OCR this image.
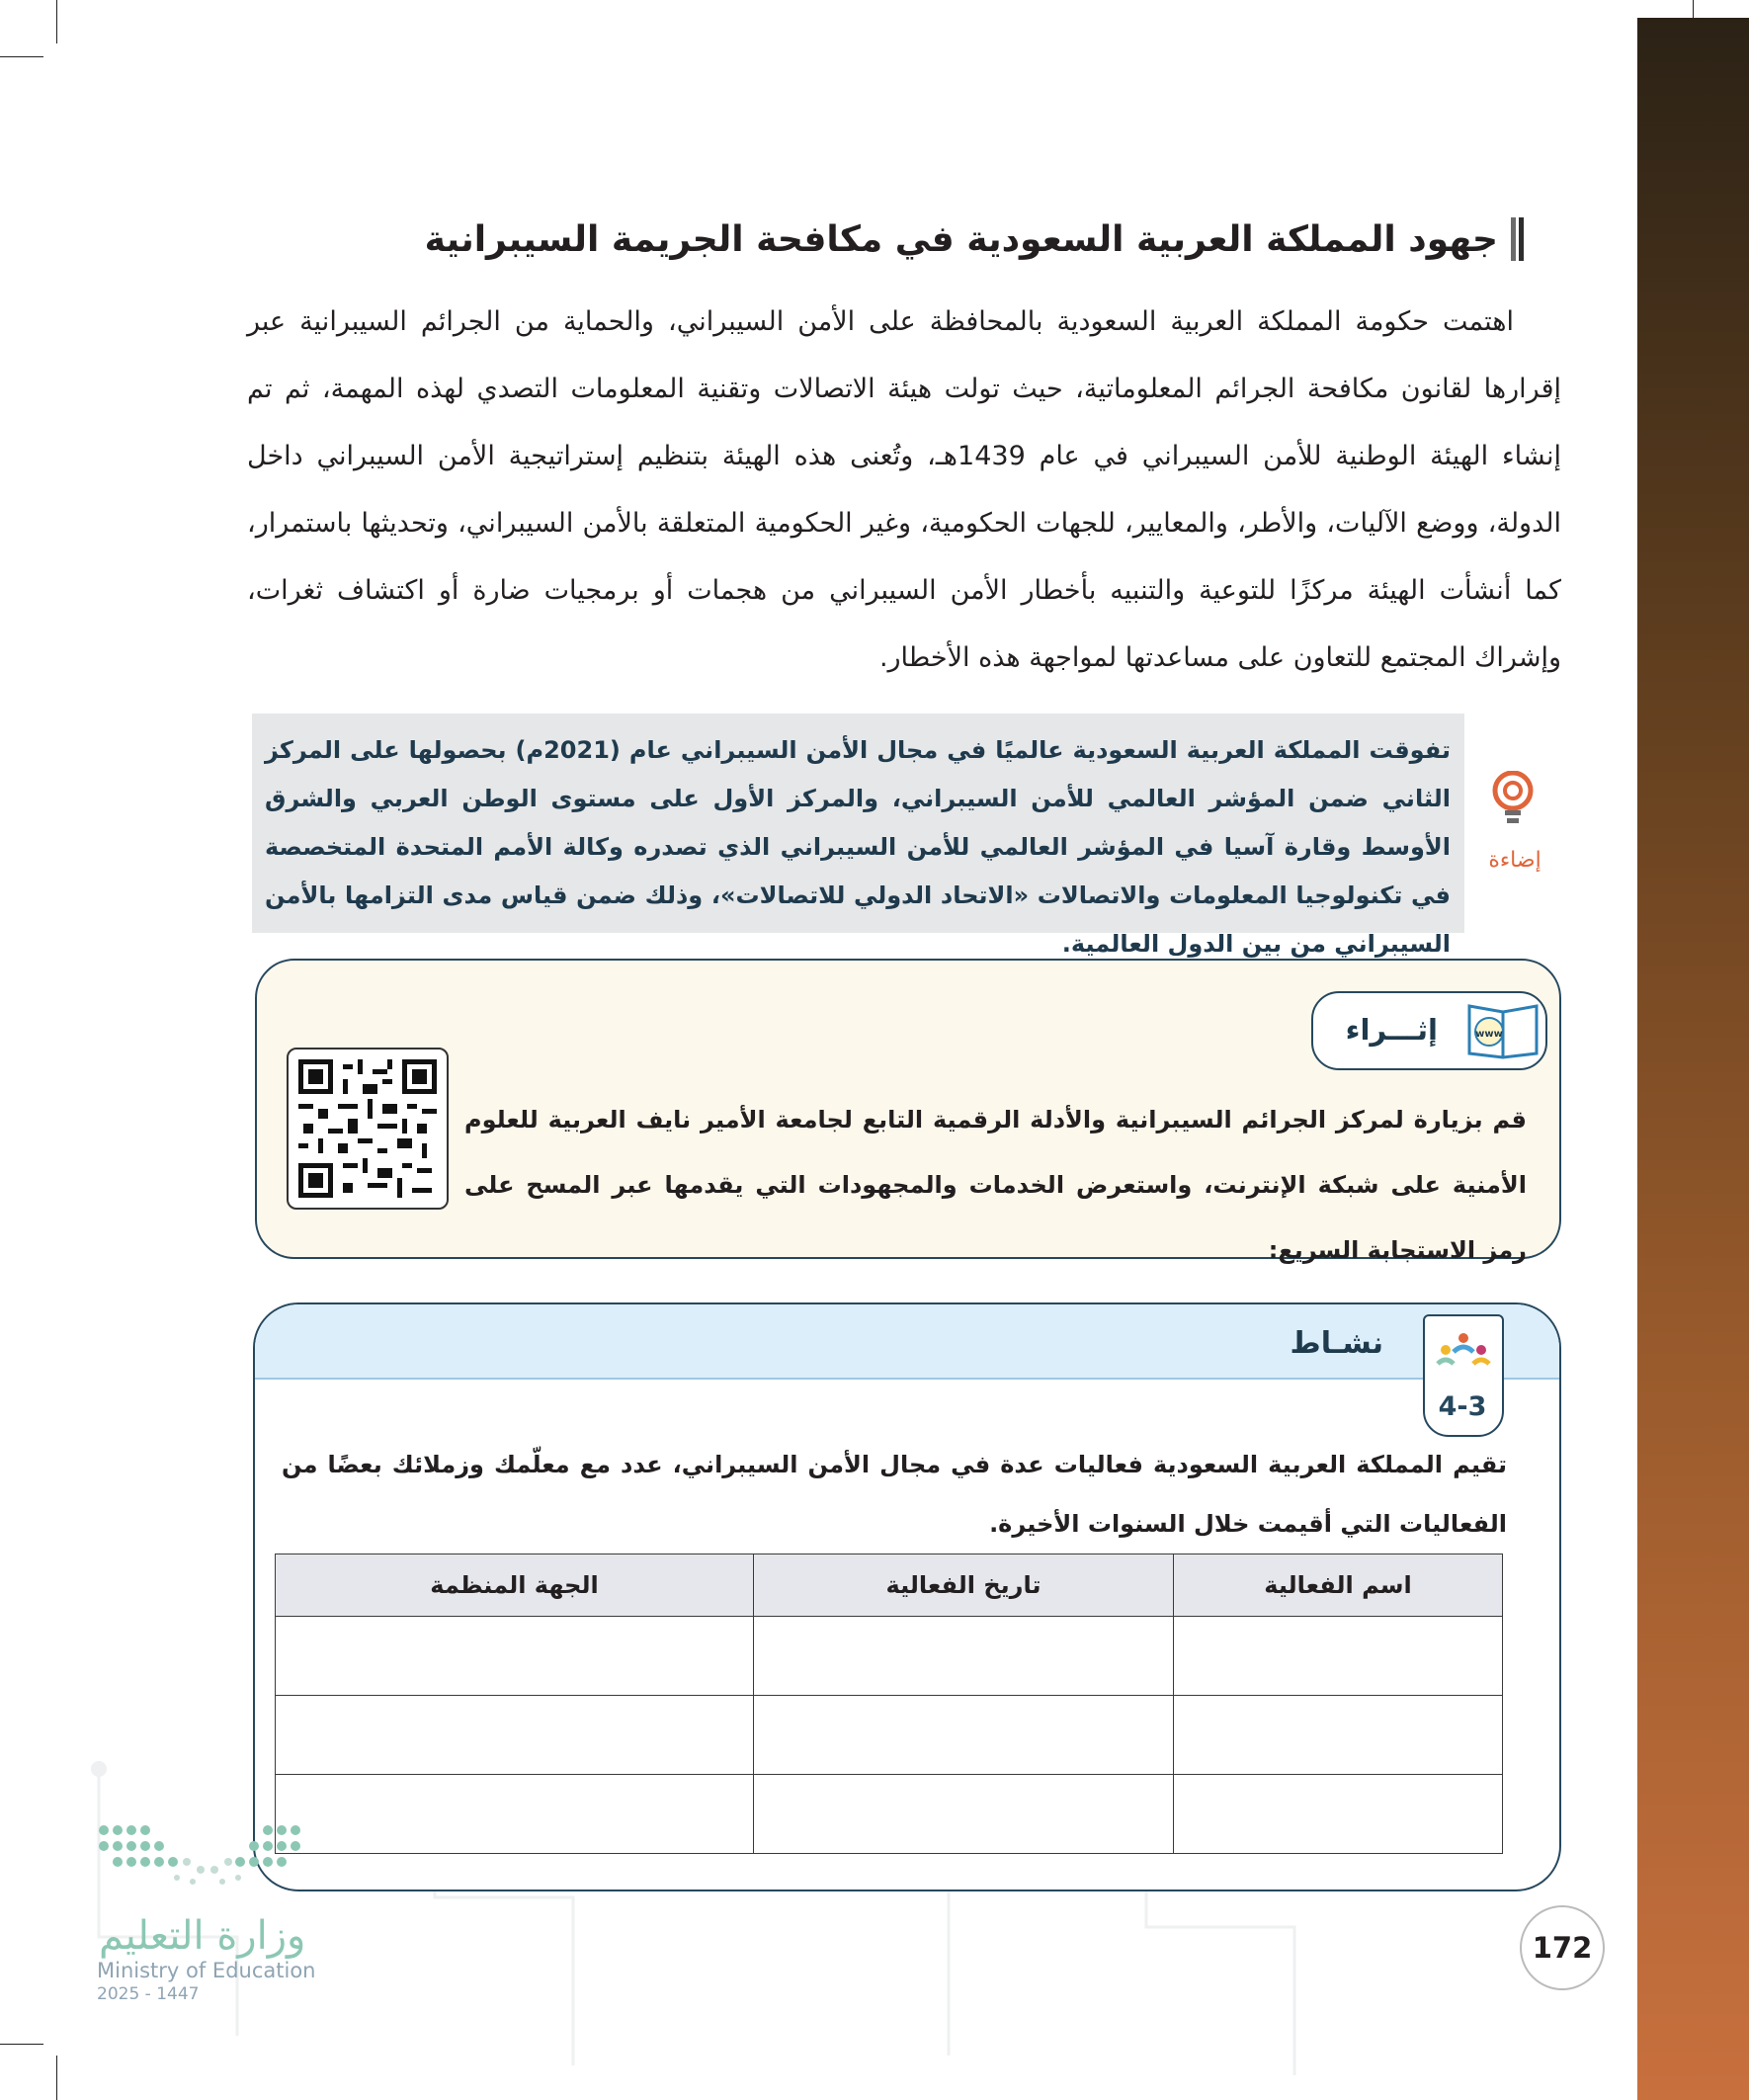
جهود المملكة العربية السعودية في مكافحة الجريمة السيبرانية

اهتمت حكومة المملكة العربية السعودية بالمحافظة على الأمن السيبراني، والحماية من الجرائم السيبرانية عبر إقرارها لقانون مكافحة الجرائم المعلوماتية، حيث تولت هيئة الاتصالات وتقنية المعلومات التصدي لهذه المهمة، ثم تم إنشاء الهيئة الوطنية للأمن السيبراني في عام 1439هـ، وتُعنى هذه الهيئة بتنظيم إستراتيجية الأمن السيبراني داخل الدولة، ووضع الآليات، والأطر، والمعايير، للجهات الحكومية، وغير الحكومية المتعلقة بالأمن السيبراني، وتحديثها باستمرار، كما أنشأت الهيئة مركزًا للتوعية والتنبيه بأخطار الأمن السيبراني من هجمات أو برمجيات ضارة أو اكتشاف ثغرات، وإشراك المجتمع للتعاون على مساعدتها لمواجهة هذه الأخطار.

إضاءة
تفوقت المملكة العربية السعودية عالميًا في مجال الأمن السيبراني عام (2021م) بحصولها على المركز الثاني ضمن المؤشر العالمي للأمن السيبراني، والمركز الأول على مستوى الوطن العربي والشرق الأوسط وقارة آسيا في المؤشر العالمي للأمن السيبراني الذي تصدره وكالة الأمم المتحدة المتخصصة في تكنولوجيا المعلومات والاتصالات «الاتحاد الدولي للاتصالات»، وذلك ضمن قياس مدى التزامها بالأمن السيبراني من بين الدول العالمية.
www
إثـــراء
قم بزيارة لمركز الجرائم السيبرانية والأدلة الرقمية التابع لجامعة الأمير نايف العربية للعلوم الأمنية على شبكة الإنترنت، واستعرض الخدمات والمجهودات التي يقدمها عبر المسح على رمز الاستجابة السريع:
4-3
نشـاط
تقيم المملكة العربية السعودية فعاليات عدة في مجال الأمن السيبراني، عدد مع معلّمك وزملائك بعضًا من الفعاليات التي أقيمت خلال السنوات الأخيرة.
اسم الفعالية	تاريخ الفعالية	الجهة المنظمة

وزارة التعليم
Ministry of Education
2025 - 1447
172
